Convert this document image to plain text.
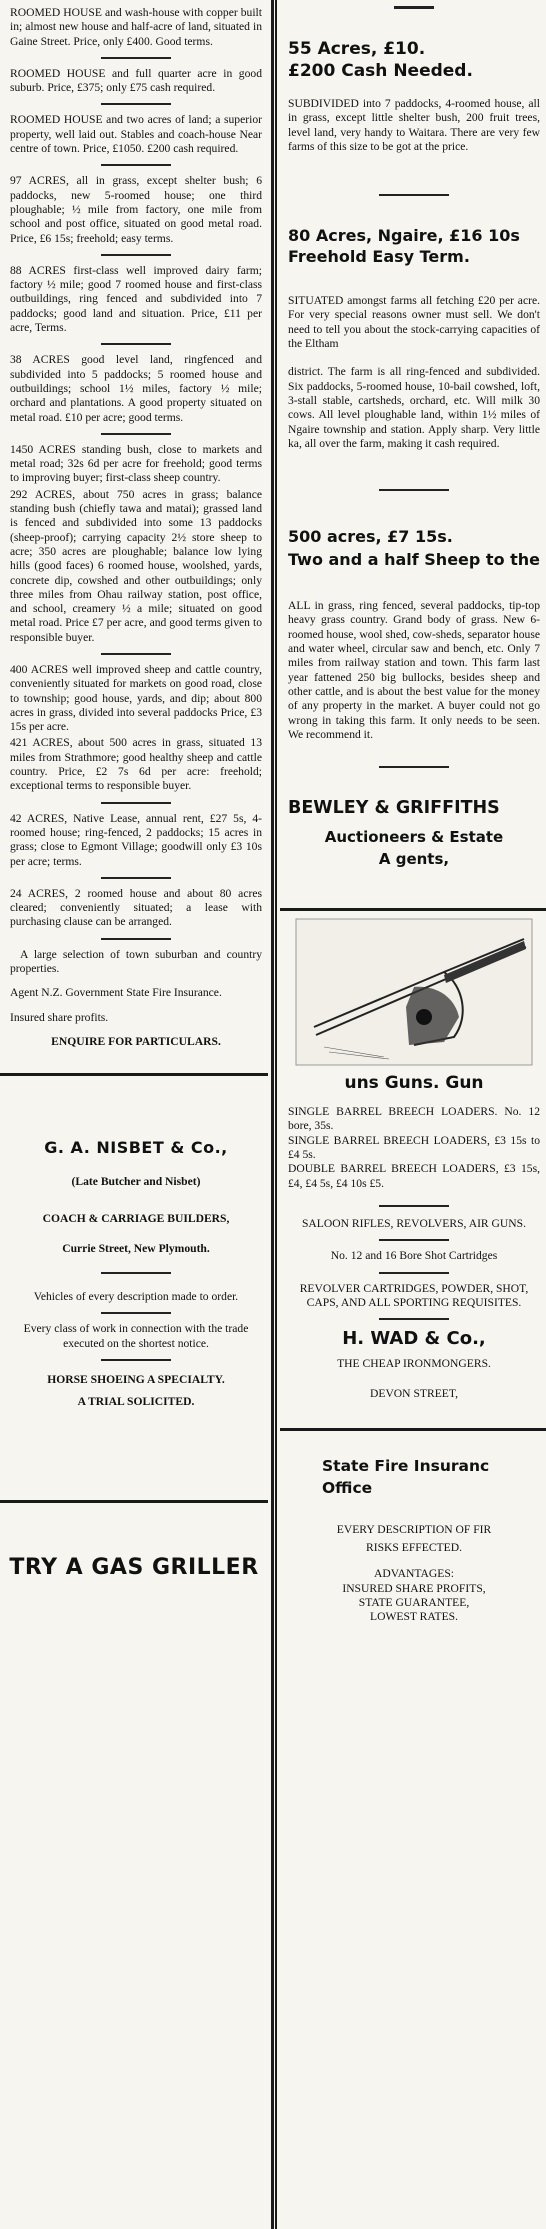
ROOMED HOUSE and wash-house with copper built in; almost new house and half-acre of land, situated in Gaine Street. Price, only £400. Good terms.

ROOMED HOUSE and full quarter acre in good suburb. Price, £375; only £75 cash required.

ROOMED HOUSE and two acres of land; a superior property, well laid out. Stables and coach-house Near centre of town. Price, £1050. £200 cash required.

97 ACRES, all in grass, except shelter bush; 6 paddocks, new 5-roomed house; one third ploughable; ½ mile from factory, one mile from school and post office, situated on good metal road. Price, £6 15s; freehold; easy terms.

88 ACRES first-class well improved dairy farm; factory ½ mile; good 7 roomed house and first-class outbuildings, ring fenced and subdivided into 7 paddocks; good land and situation. Price, £11 per acre, Terms.

38 ACRES good level land, ringfenced and subdivided into 5 paddocks; 5 roomed house and outbuildings; school 1½ miles, factory ½ mile; orchard and plantations. A good property situated on metal road. £10 per acre; good terms.

1450 ACRES standing bush, close to markets and metal road; 32s 6d per acre for freehold; good terms to improving buyer; first-class sheep country.

292 ACRES, about 750 acres in grass; balance standing bush (chiefly tawa and matai); grassed land is fenced and subdivided into some 13 paddocks (sheep-proof); carrying capacity 2½ store sheep to acre; 350 acres are ploughable; balance low lying hills (good faces) 6 roomed house, woolshed, yards, concrete dip, cowshed and other outbuildings; only three miles from Ohau railway station, post office, and school, creamery ½ a mile; situated on good metal road. Price £7 per acre, and good terms given to responsible buyer.

400 ACRES well improved sheep and cattle country, conveniently situated for markets on good road, close to township; good house, yards, and dip; about 800 acres in grass, divided into several paddocks Price, £3 15s per acre.

421 ACRES, about 500 acres in grass, situated 13 miles from Strathmore; good healthy sheep and cattle country. Price, £2 7s 6d per acre: freehold; exceptional terms to responsible buyer.

42 ACRES, Native Lease, annual rent, £27 5s, 4-roomed house; ring-fenced, 2 paddocks; 15 acres in grass; close to Egmont Village; goodwill only £3 10s per acre; terms.

24 ACRES, 2 roomed house and about 80 acres cleared; conveniently situated; a lease with purchasing clause can be arranged.

A large selection of town suburban and country properties.

Agent N.Z. Government State Fire Insurance.

Insured share profits.

ENQUIRE FOR PARTICULARS.

G. A. NISBET & Co.,
(Late Butcher and Nisbet)
COACH & CARRIAGE BUILDERS,
Currie Street, New Plymouth.

Vehicles of every description made to order.

Every class of work in connection with the trade executed on the shortest notice.

HORSE SHOEING A SPECIALTY.

A TRIAL SOLICITED.

TRY A GAS GRILLER
55 Acres, £10.
£200 Cash Needed.

SUBDIVIDED into 7 paddocks, 4-roomed house, all in grass, except little shelter bush, 200 fruit trees, level land, very handy to Waitara. There are very few farms of this size to be got at the price.

80 Acres, Ngaire, £16 10s
Freehold Easy Term.

SITUATED amongst farms all fetching £20 per acre. For very special reasons owner must sell. We don't need to tell you about the stock-carrying capacities of the Eltham

district. The farm is all ring-fenced and subdivided. Six paddocks, 5-roomed house, 10-bail cowshed, loft, 3-stall stable, cartsheds, orchard, etc. Will milk 30 cows. All level ploughable land, within 1½ miles of Ngaire township and station. Apply sharp. Very little ka, all over the farm, making it cash required.

500 acres, £7 15s.
Two and a half Sheep to the

ALL in grass, ring fenced, several paddocks, tip-top heavy grass country. Grand body of grass. New 6-roomed house, wool shed, cow-sheds, separator house and water wheel, circular saw and bench, etc. Only 7 miles from railway station and town. This farm last year fattened 250 big bullocks, besides sheep and other cattle, and is about the best value for the money of any property in the market. A buyer could not go wrong in taking this farm. It only needs to be seen. We recommend it.

BEWLEY & GRIFFITHS
Auctioneers & Estate
A gents,
uns Guns. Gun

SINGLE BARREL BREECH LOADERS. No. 12 bore, 35s.

SINGLE BARREL BREECH LOADERS, £3 15s to £4 5s.

DOUBLE BARREL BREECH LOADERS, £3 15s, £4, £4 5s, £4 10s £5.

SALOON RIFLES, REVOLVERS, AIR GUNS.

No. 12 and 16 Bore Shot Cartridges

REVOLVER CARTRIDGES, POWDER, SHOT, CAPS, AND ALL SPORTING REQUISITES.

H. WAD & Co.,

THE CHEAP IRONMONGERS.

DEVON STREET,

State Fire Insuranc
Office

EVERY DESCRIPTION OF FIR

RISKS EFFECTED.

ADVANTAGES:

INSURED SHARE PROFITS,

STATE GUARANTEE,

LOWEST RATES.
